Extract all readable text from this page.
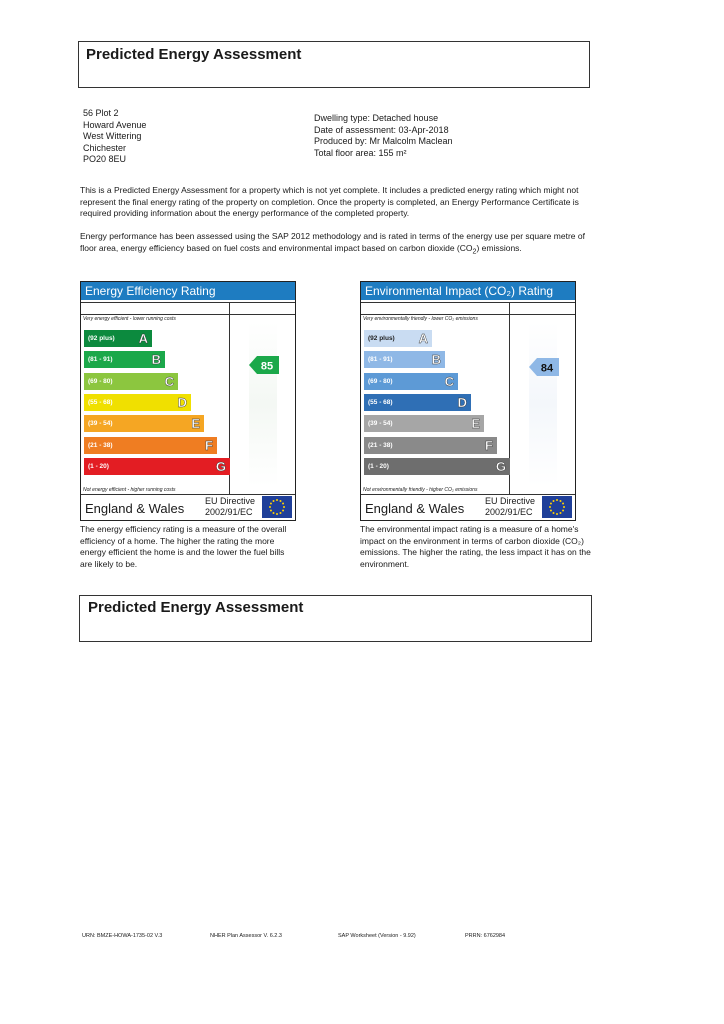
Predicted Energy Assessment
56 Plot 2
Howard Avenue
West Wittering
Chichester
PO20 8EU
Dwelling type: Detached house
Date of assessment: 03-Apr-2018
Produced by: Mr Malcolm Maclean
Total floor area: 155 m²
This is a Predicted Energy Assessment for a property which is not yet complete. It includes a predicted energy rating which might not represent the final energy rating of the property on completion. Once the property is completed, an Energy Performance Certificate is required providing information about the energy performance of the completed property.
Energy performance has been assessed using the SAP 2012 methodology and is rated in terms of the energy use per square metre of floor area, energy efficiency based on fuel costs and environmental impact based on carbon dioxide $(CO_2)$ emissions.
Energy Efficiency Rating
Very energy efficient - lower running costs
Not energy efficient - higher running costs
(92 plus) A
(81 - 91)	B
(69 - 80)	C
(55 - 68)	D
(39 - 54)	E
(21 - 38)	F
(1 - 20)	G
85
England & Wales EU Directive
2002/91/EC
The energy efficiency rating is a measure of the overall efficiency of a home. The higher the rating the more energy efficient the home is and the lower the fuel bills are likely to be.
Environmental Impact (CO₂) Rating
Very environmentally friendly - lower CO₂ emissions
Not environmentally friendly - higher CO₂ emissions
(92 plus) A
(81 - 91)	B
(69 - 80)	C
(55 - 68)	D
(39 - 54)	E
(21 - 38)	F
(1 - 20)	G
84
England & Wales EU Directive
2002/91/EC
The environmental impact rating is a measure of a home's impact on the environment in terms of carbon dioxide (CO₂) emissions. The higher the rating, the less impact it has on the environment.
Predicted Energy Assessment
URN: BMZE-HOWA-1735-02 V.3	NHER Plan Assessor V. 6.2.3	SAP Worksheet (Version - 9.92)	PRRN: 6762984
